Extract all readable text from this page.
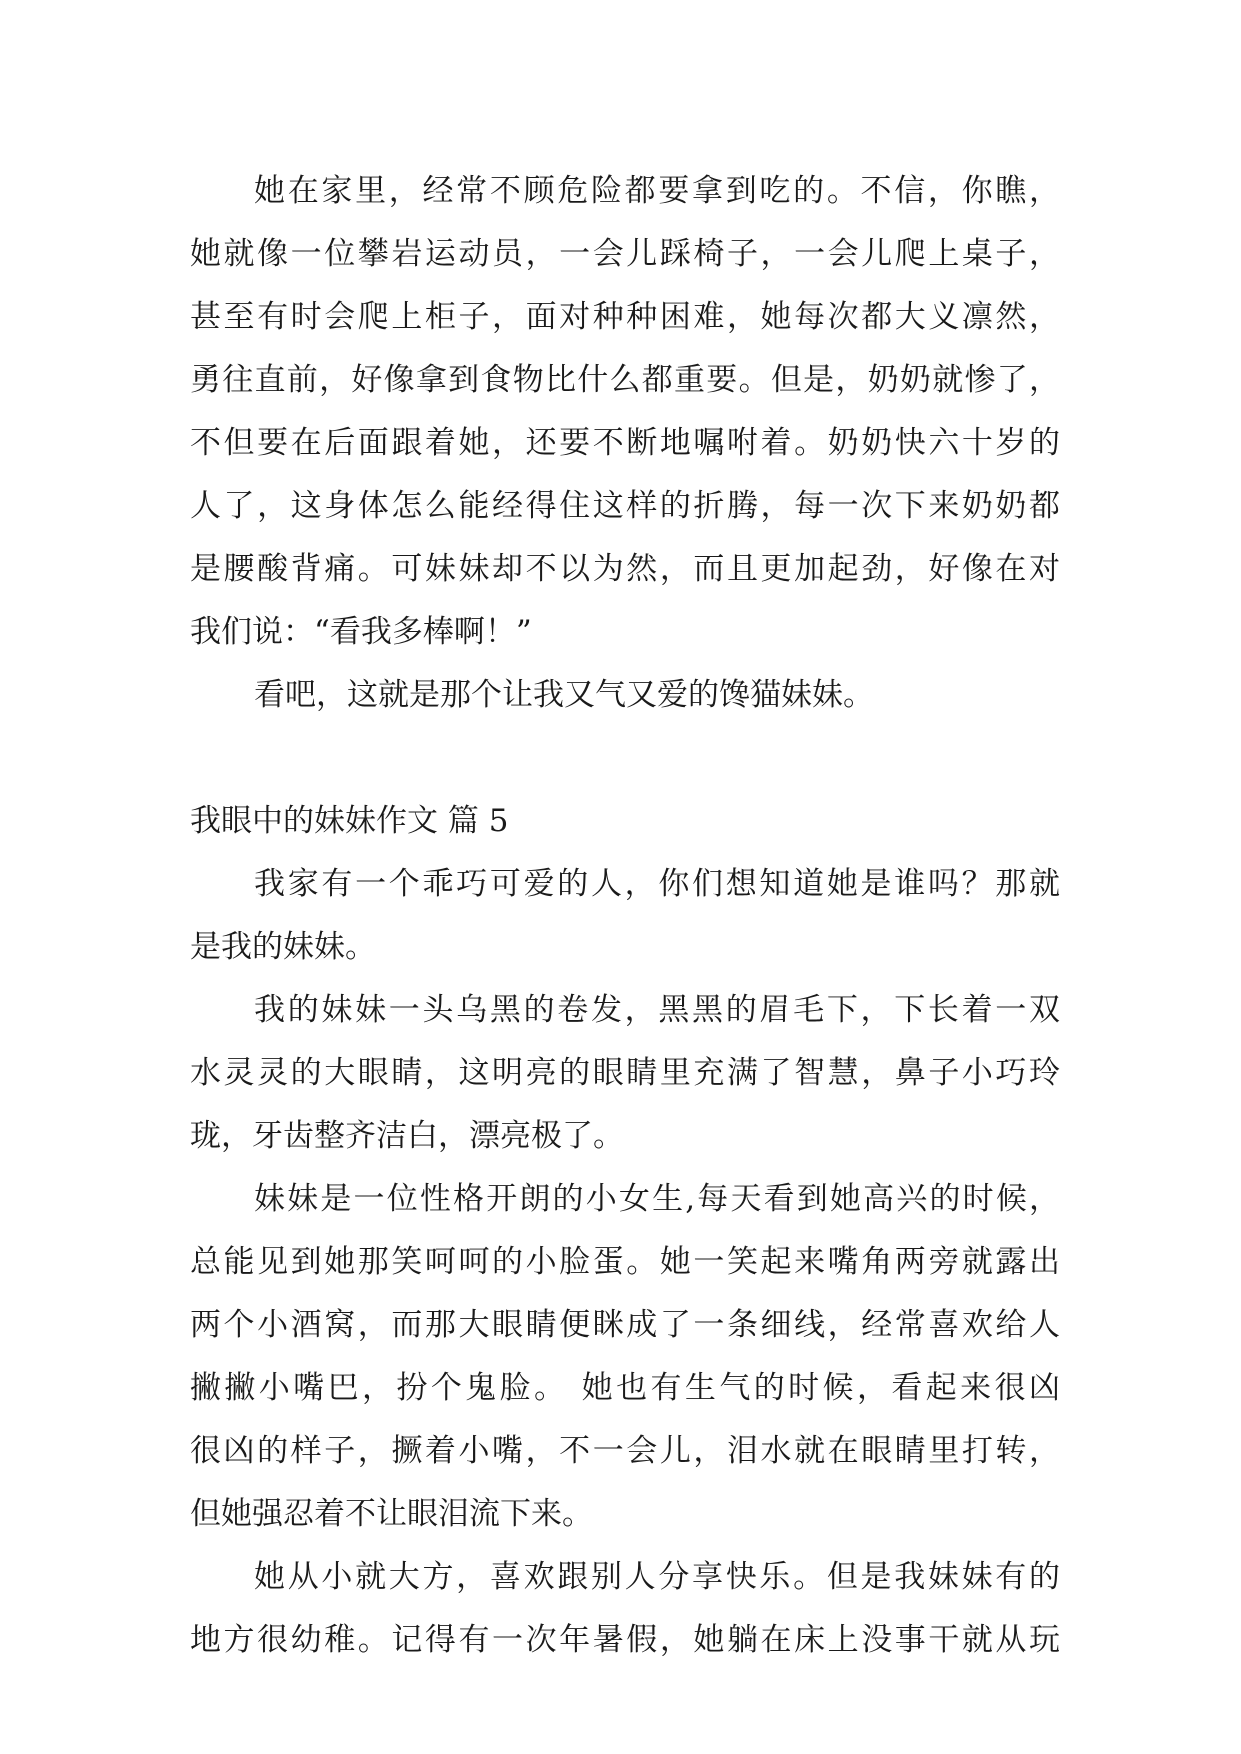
她在家里，经常不顾危险都要拿到吃的。不信，你瞧，
她就像一位攀岩运动员，一会儿踩椅子，一会儿爬上桌子，
甚至有时会爬上柜子，面对种种困难，她每次都大义凛然，
勇往直前，好像拿到食物比什么都重要。但是，奶奶就惨了，
不但要在后面跟着她，还要不断地嘱咐着。奶奶快六十岁的
人了，这身体怎么能经得住这样的折腾，每一次下来奶奶都
是腰酸背痛。可妹妹却不以为然，而且更加起劲，好像在对
我们说：“看我多棒啊！”
看吧，这就是那个让我又气又爱的馋猫妹妹。
我眼中的妹妹作文 篇 5
我家有一个乖巧可爱的人，你们想知道她是谁吗？那就
是我的妹妹。
我的妹妹一头乌黑的卷发，黑黑的眉毛下，下长着一双
水灵灵的大眼睛，这明亮的眼睛里充满了智慧，鼻子小巧玲
珑，牙齿整齐洁白，漂亮极了。
妹妹是一位性格开朗的小女生,每天看到她高兴的时候，
总能见到她那笑呵呵的小脸蛋。她一笑起来嘴角两旁就露出
两个小酒窝，而那大眼睛便眯成了一条细线，经常喜欢给人
撇撇小嘴巴，扮个鬼脸。 她也有生气的时候，看起来很凶
很凶的样子，撅着小嘴，不一会儿，泪水就在眼睛里打转，
但她强忍着不让眼泪流下来。
她从小就大方，喜欢跟别人分享快乐。但是我妹妹有的
地方很幼稚。记得有一次年暑假，她躺在床上没事干就从玩
